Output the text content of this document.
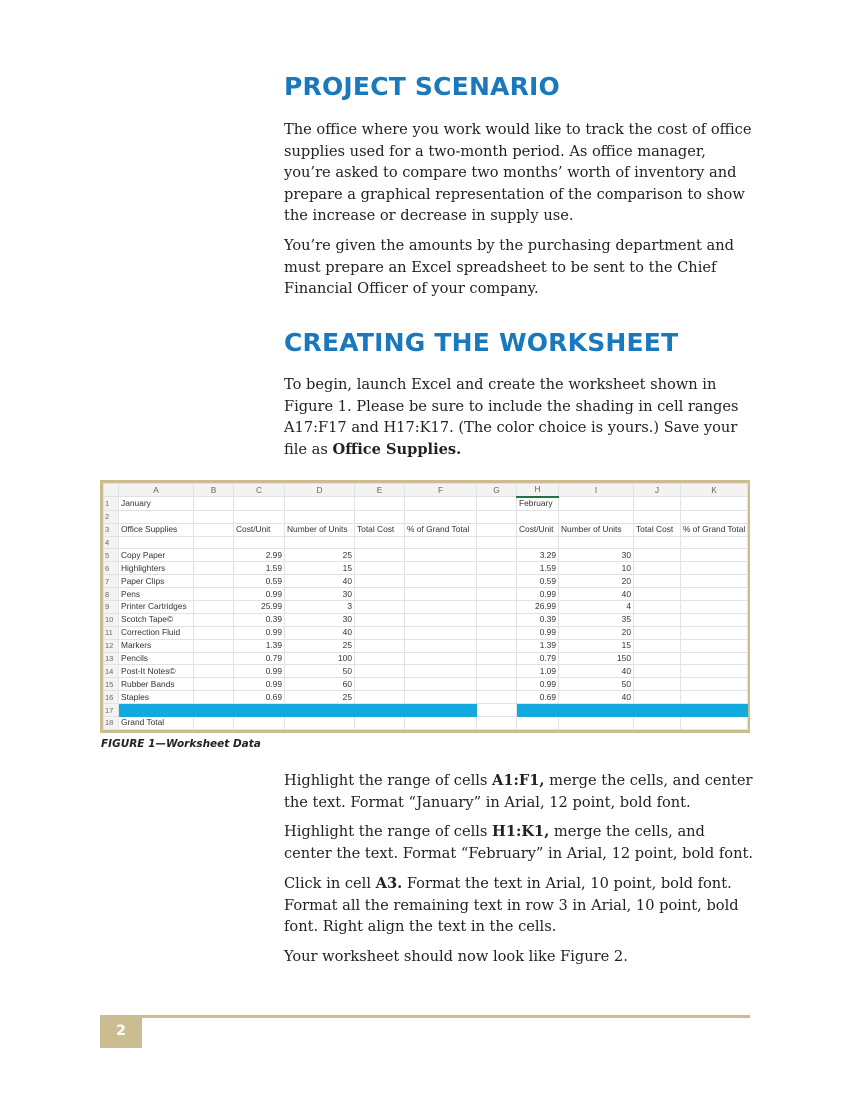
PROJECT SCENARIO

The office where you work would like to track the cost of office supplies used for a two-month period. As office manager, you’re asked to compare two months’ worth of inventory and prepare a graphical representation of the comparison to show the increase or decrease in supply use.

You’re given the amounts by the purchasing department and must prepare an Excel spreadsheet to be sent to the Chief Financial Officer of your company.

CREATING THE WORKSHEET

To begin, launch Excel and create the worksheet shown in Figure 1. Please be sure to include the shading in cell ranges A17:F17 and H17:K17. (The color choice is yours.) Save your file as Office Supplies.

	A	B	C	D	E	F	G	H	I	J	K
1	January							February			
2											
3	Office Supplies		Cost/Unit	Number of Units	Total Cost	% of Grand Total		Cost/Unit	Number of Units	Total Cost	% of Grand Total
4											
5	Copy Paper		2.99	25				3.29	30		
6	Highlighters		1.59	15				1.59	10		
7	Paper Clips		0.59	40				0.59	20		
8	Pens		0.99	30				0.99	40		
9	Printer Cartridges		25.99	3				26.99	4		
10	Scotch Tape©		0.39	30				0.39	35		
11	Correction Fluid		0.99	40				0.99	20		
12	Markers		1.39	25				1.39	15		
13	Pencils		0.79	100				0.79	150		
14	Post-It Notes©		0.99	50				1.09	40		
15	Rubber Bands		0.99	60				0.99	50		
16	Staples		0.69	25				0.69	40		
17											
18	Grand Total										
FIGURE 1—Worksheet Data

Highlight the range of cells A1:F1, merge the cells, and center the text. Format “January” in Arial, 12 point, bold font.

Highlight the range of cells H1:K1, merge the cells, and center the text. Format “February” in Arial, 12 point, bold font.

Click in cell A3. Format the text in Arial, 10 point, bold font. Format all the remaining text in row 3 in Arial, 10 point, bold font. Right align the text in the cells.

Your worksheet should now look like Figure 2.

2
